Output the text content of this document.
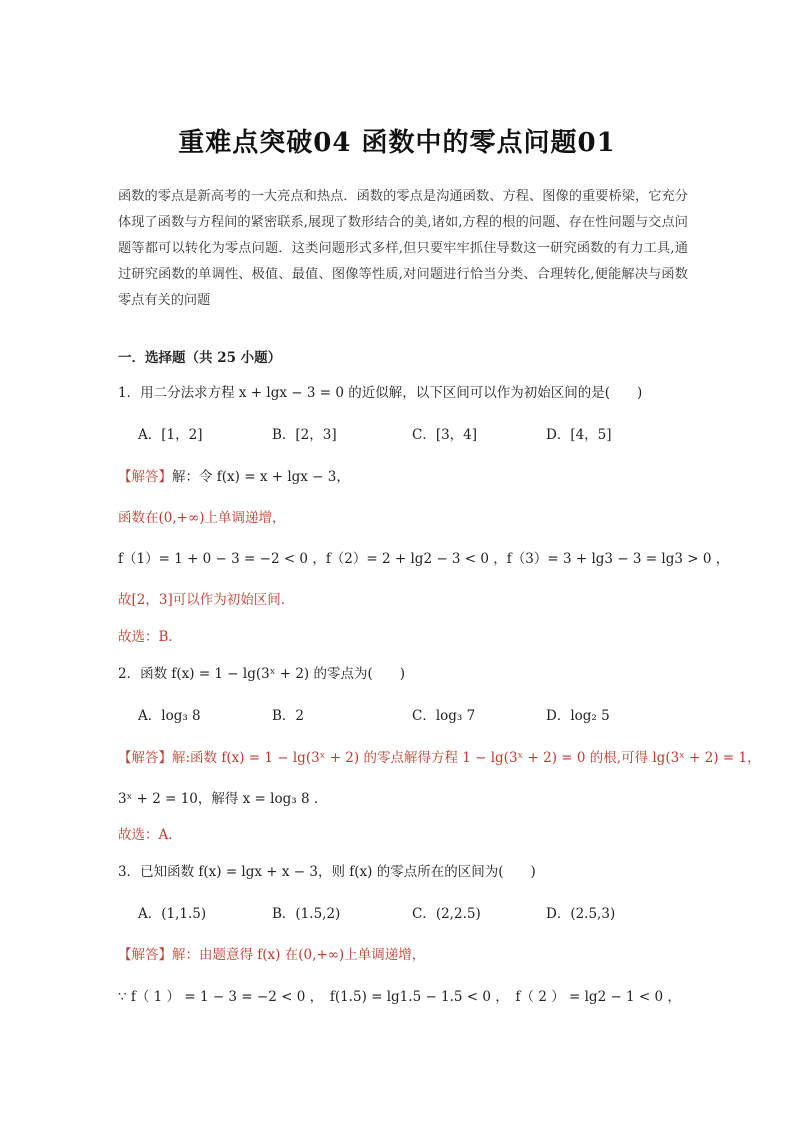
重难点突破04 函数中的零点问题01
函数的零点是新高考的一大亮点和热点．函数的零点是沟通函数、方程、图像的重要桥梁，它充分体现了函数与方程间的紧密联系,展现了数形结合的美,诸如,方程的根的问题、存在性问题与交点问题等都可以转化为零点问题．这类问题形式多样,但只要牢牢抓住导数这一研究函数的有力工具,通过研究函数的单调性、极值、最值、图像等性质,对问题进行恰当分类、合理转化,便能解决与函数零点有关的问题
一．选择题（共 25 小题）
1．用二分法求方程 x + lgx − 3 = 0 的近似解，以下区间可以作为初始区间的是(　　)
A．[1，2]	B．[2，3]	C．[3，4]	D．[4，5]
【解答】解：令 f(x) = x + lgx − 3，
函数在(0,+∞)上单调递增，
f（1）= 1 + 0 − 3 = −2 < 0 ，f（2）= 2 + lg2 − 3 < 0 ，f（3）= 3 + lg3 − 3 = lg3 > 0 ，
故[2，3]可以作为初始区间．
故选：B．
2．函数 f(x) = 1 − lg(3ˣ + 2) 的零点为(　　)
A．log₃ 8	B．2	C．log₃ 7	D．log₂ 5
【解答】解:函数 f(x) = 1 − lg(3ˣ + 2) 的零点解得方程 1 − lg(3ˣ + 2) = 0 的根,可得 lg(3ˣ + 2) = 1，
3ˣ + 2 = 10，解得 x = log₃ 8 ．
故选：A．
3．已知函数 f(x) = lgx + x − 3，则 f(x) 的零点所在的区间为(　　)
A．(1,1.5)	B．(1.5,2)	C．(2,2.5)	D．(2.5,3)
【解答】解：由题意得 f(x) 在(0,+∞)上单调递增，
∵ f（ 1 ） = 1 − 3 = −2 < 0 ，　f(1.5) = lg1.5 − 1.5 < 0 ，　f（ 2 ） = lg2 − 1 < 0 ，
